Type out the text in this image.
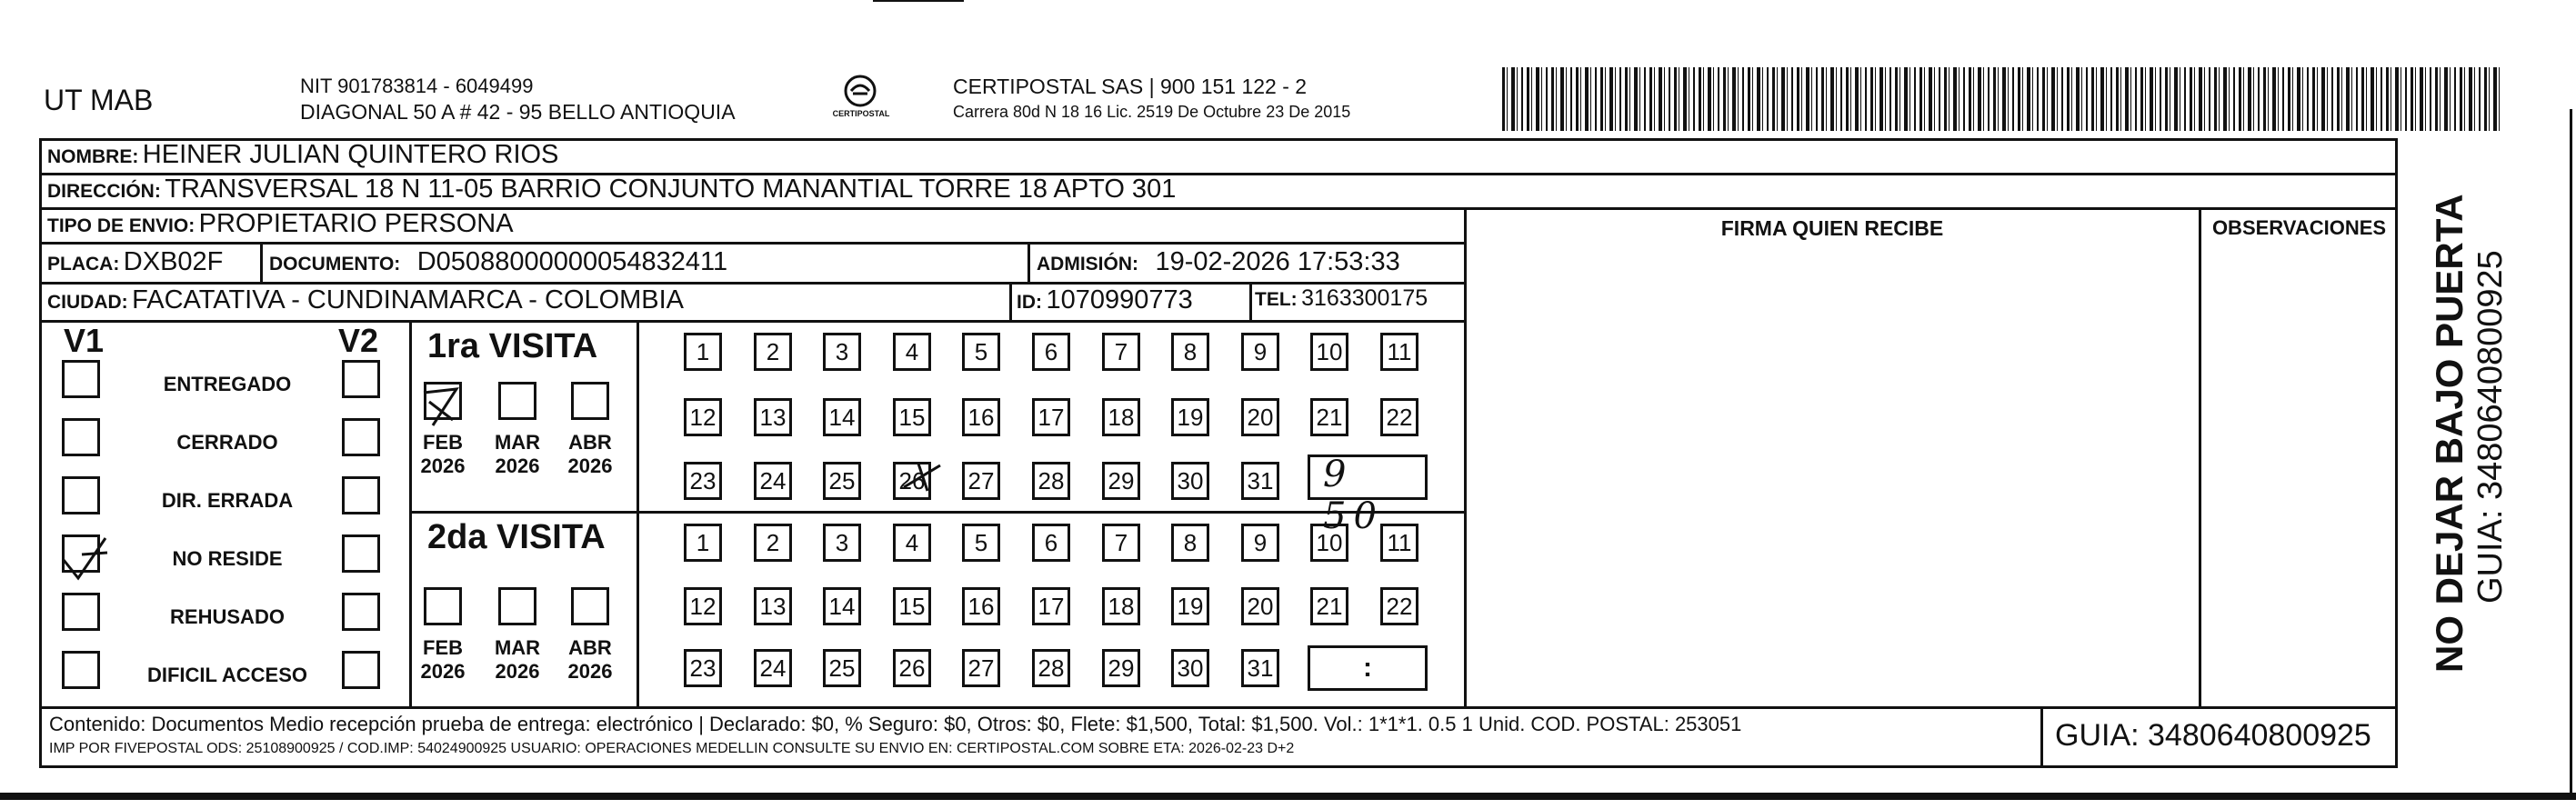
UT MAB	NIT 901783814 - 6049499
DIAGONAL 50 A # 42 - 95 BELLO ANTIOQUIA	CERTIPOSTAL
CERTIPOSTAL SAS | 900 151 122 - 2
Carrera 80d N 18 16 Lic. 2519 De Octubre 23 De 2015
NOMBRE: HEINER JULIAN QUINTERO RIOS
DIRECCIÓN: TRANSVERSAL 18 N 11-05 BARRIO CONJUNTO MANANTIAL TORRE 18 APTO 301
TIPO DE ENVIO: PROPIETARIO PERSONA	FIRMA QUIEN RECIBE	OBSERVACIONES
PLACA: DXB02F DOCUMENTO: D05088000000054832411	ADMISIÓN: 19-02-2026 17:53:33
CIUDAD: FACATATIVA - CUNDINAMARCA - COLOMBIA	ID: 1070990773	TEL: 3163300175
V1	V2
ENTREGADO
CERRADO
DIR. ERRADA
NO RESIDE
REHUSADO
DIFICIL ACCESO
1ra VISITA
2da VISITA
FEB
2026
MAR
2026
ABR
2026
FEB
2026
MAR
2026
ABR
2026
1	2	3	4	5	6	7	8	9	10 11
12 13 14 15 16 17 18 19 20 21 22
23 24 25 26 27 28 29 30 31
1	2	3	4	5	6	7	8	9	10 11
12 13 14 15 16 17 18 19 20 21 22
23 24 25 26 27 28 29 30 31
9 50
:	NO DEJAR BAJO PUERTA GUIA: 3480640800925
Contenido: Documentos Medio recepción prueba de entrega: electrónico | Declarado: $0, % Seguro: $0, Otros: $0, Flete: $1,500, Total: $1,500. Vol.: 1*1*1. 0.5 1 Unid. COD. POSTAL: 253051
IMP POR FIVEPOSTAL ODS: 25108900925 / COD.IMP: 54024900925 USUARIO: OPERACIONES MEDELLIN CONSULTE SU ENVIO EN: CERTIPOSTAL.COM SOBRE ETA: 2026-02-23 D+2	GUIA: 3480640800925
